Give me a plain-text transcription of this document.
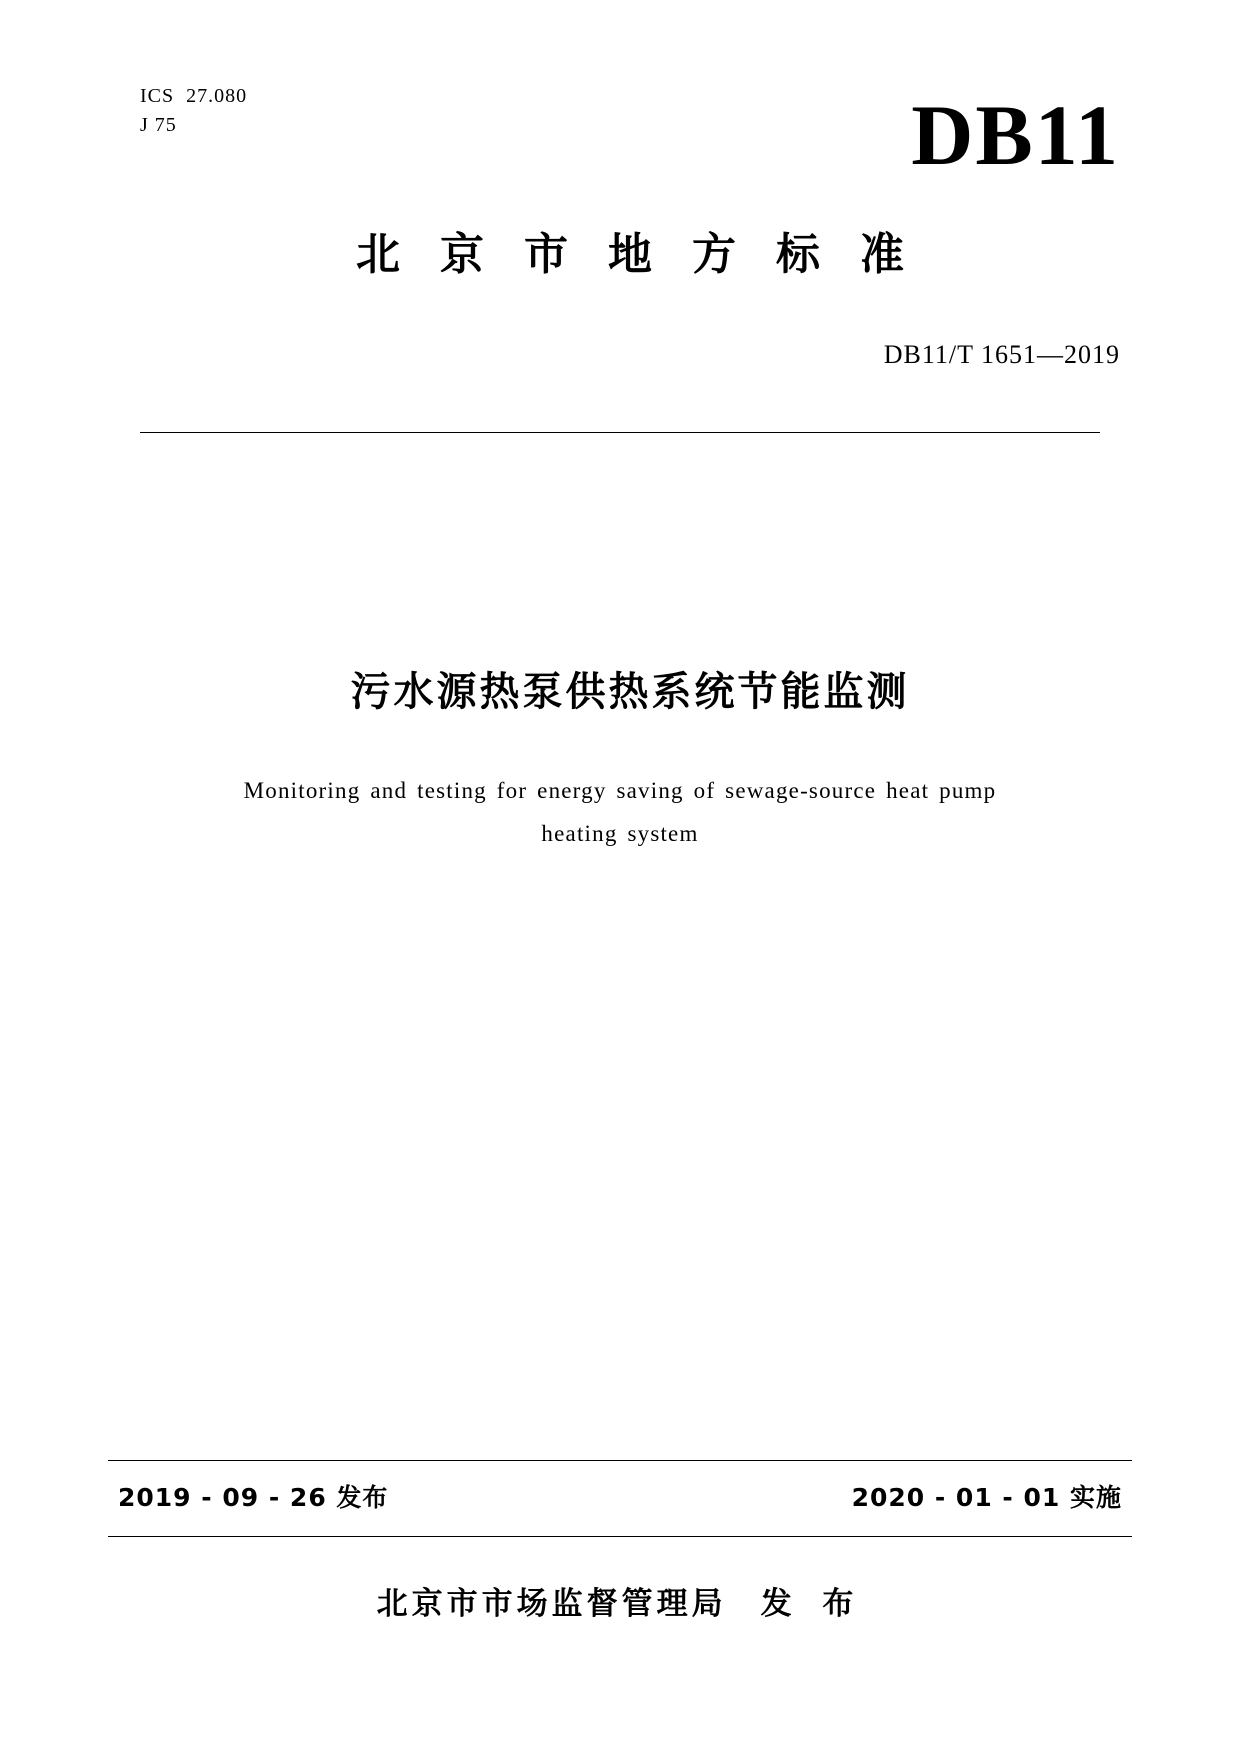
ICS  27.080
J 75	DB11
北京市地方标准
DB11/T 1651—2019
污水源热泵供热系统节能监测
Monitoring and testing for energy saving of sewage-source heat pump
heating system
2019 - 09 - 26 发布	2020 - 01 - 01 实施
北京市市场监督管理局 发 布
